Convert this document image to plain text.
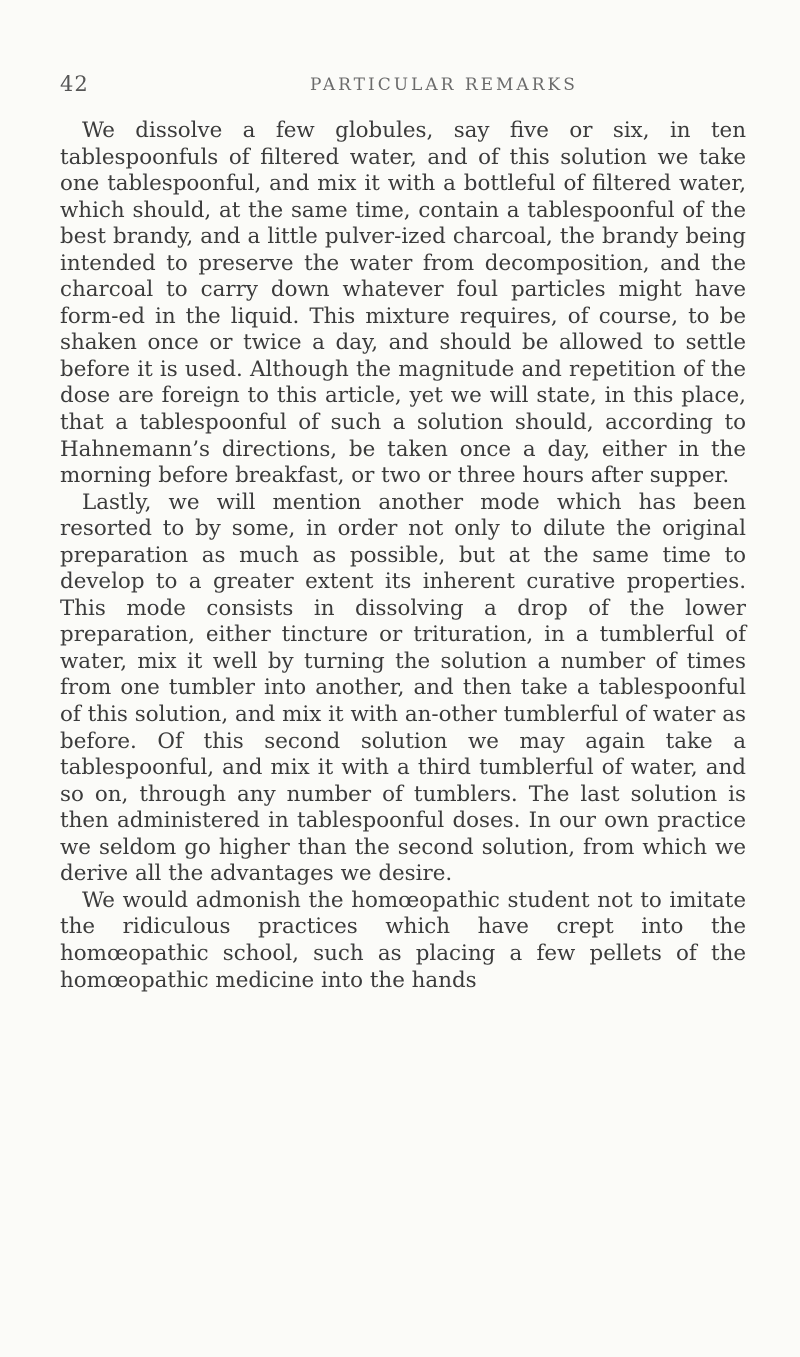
42	PARTICULAR REMARKS

We dissolve a few globules, say five or six, in ten tablespoonfuls of filtered water, and of this solution we take one tablespoonful, and mix it with a bottleful of filtered water, which should, at the same time, contain a tablespoonful of the best brandy, and a little pulver-ized charcoal, the brandy being intended to preserve the water from decomposition, and the charcoal to carry down whatever foul particles might have form-ed in the liquid. This mixture requires, of course, to be shaken once or twice a day, and should be allowed to settle before it is used. Although the magnitude and repetition of the dose are foreign to this article, yet we will state, in this place, that a tablespoonful of such a solution should, according to Hahnemann’s directions, be taken once a day, either in the morning before breakfast, or two or three hours after supper.

Lastly, we will mention another mode which has been resorted to by some, in order not only to dilute the original preparation as much as possible, but at the same time to develop to a greater extent its inherent curative properties. This mode consists in dissolving a drop of the lower preparation, either tincture or trituration, in a tumblerful of water, mix it well by turning the solution a number of times from one tumbler into another, and then take a tablespoonful of this solution, and mix it with an-other tumblerful of water as before. Of this second solution we may again take a tablespoonful, and mix it with a third tumblerful of water, and so on, through any number of tumblers. The last solution is then administered in tablespoonful doses. In our own practice we seldom go higher than the second solution, from which we derive all the advantages we desire.

We would admonish the homœopathic student not to imitate the ridiculous practices which have crept into the homœopathic school, such as placing a few pellets of the homœopathic medicine into the hands
